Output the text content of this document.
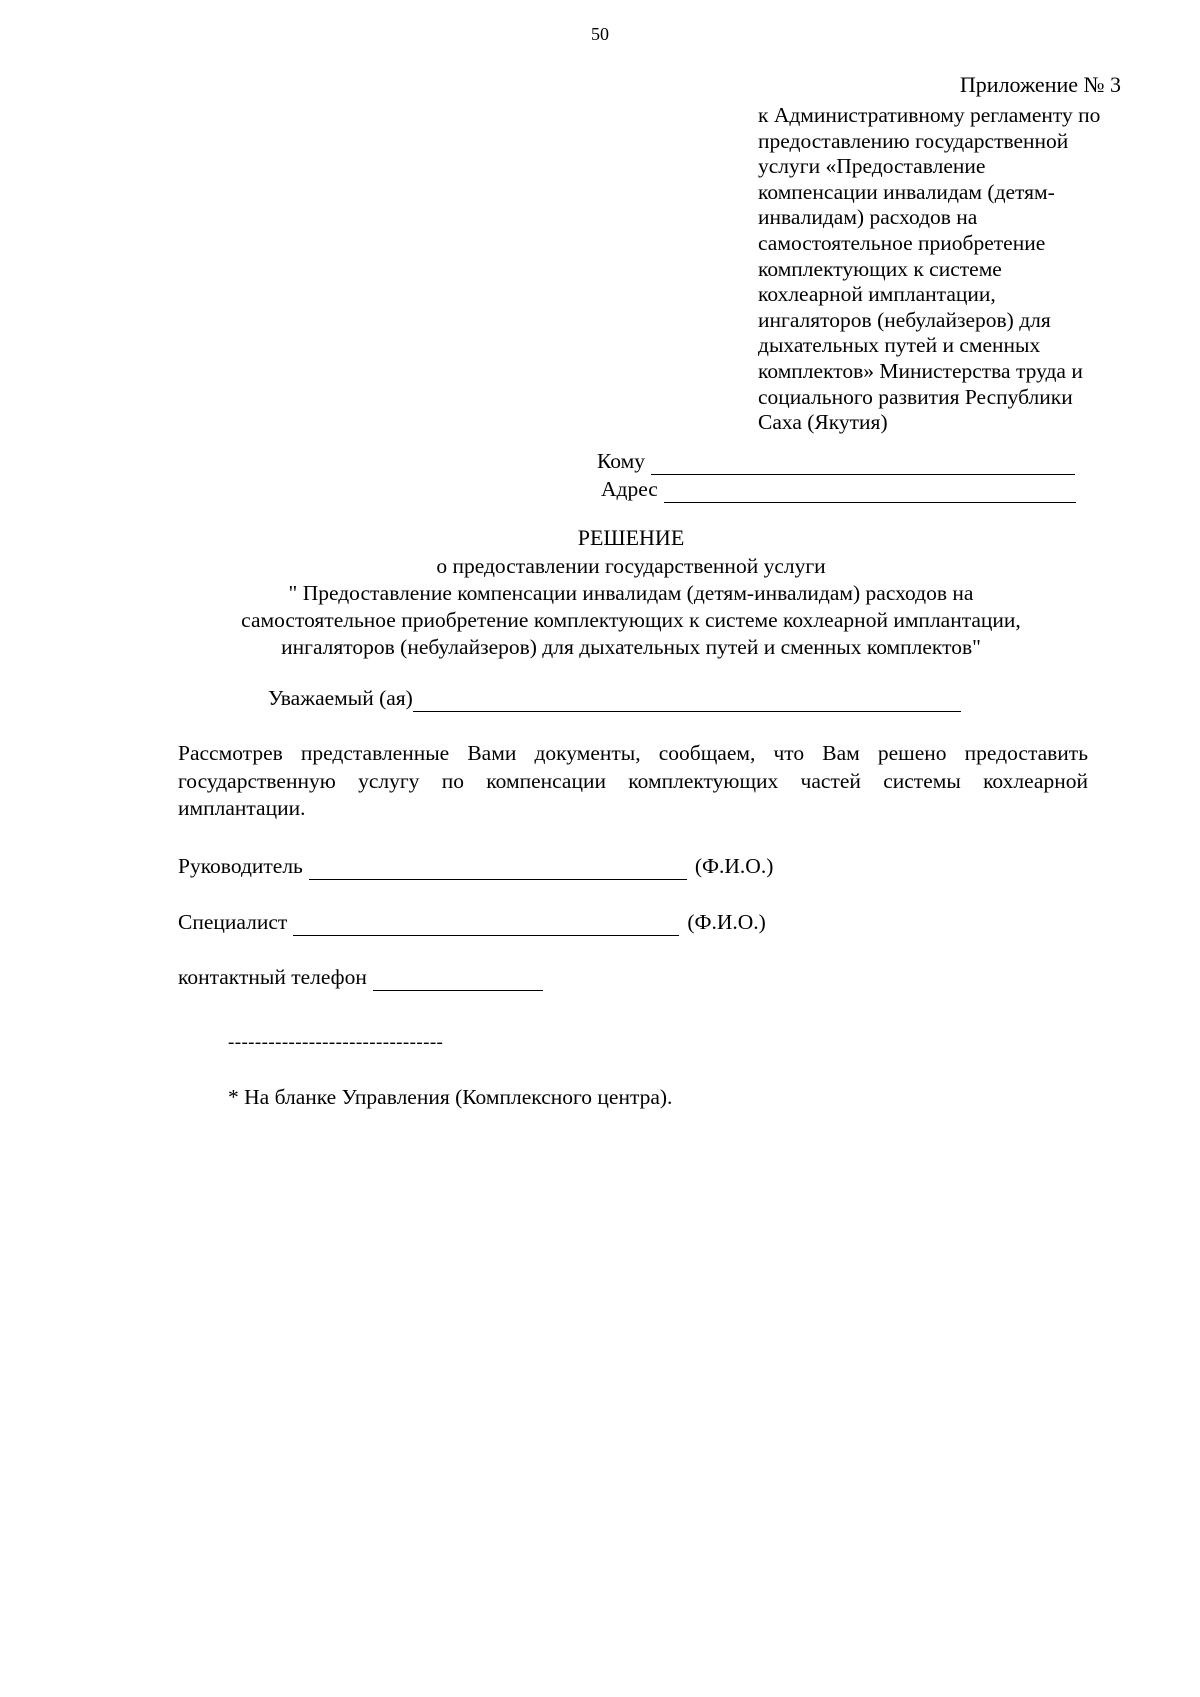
50
Приложение № 3
к Административному регламенту по
предоставлению государственной
услуги «Предоставление
компенсации инвалидам (детям-
инвалидам) расходов на
самостоятельное приобретение
комплектующих к системе
кохлеарной имплантации,
ингаляторов (небулайзеров) для
дыхательных путей и сменных
комплектов» Министерства труда и
социального развития Республики
Саха (Якутия)
Кому
Адрес
РЕШЕНИЕ
о предоставлении государственной услуги
" Предоставление компенсации инвалидам (детям-инвалидам) расходов на
самостоятельное приобретение комплектующих к системе кохлеарной имплантации,
ингаляторов (небулайзеров) для дыхательных путей и сменных комплектов"
Уважаемый (ая)
Рассмотрев представленные Вами документы, сообщаем, что Вам решено предоставить государственную услугу по компенсации комплектующих частей системы кохлеарной имплантации.
Руководитель	(Ф.И.О.)
Специалист	(Ф.И.О.)
контактный телефон
--------------------------------
* На бланке Управления (Комплексного центра).
